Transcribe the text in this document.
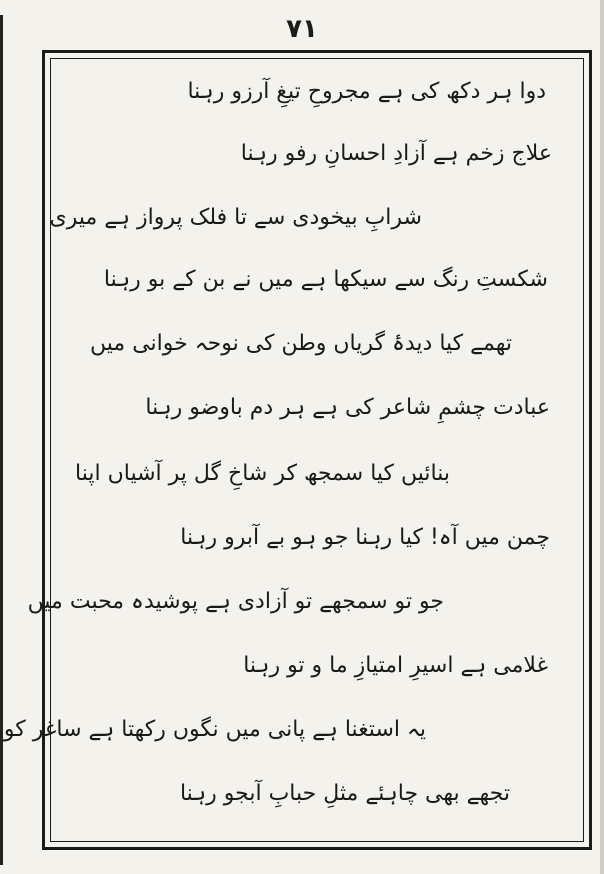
۷۱
دوا ہر دکھ کی ہے مجروحِ تیغِ آرزو رہنا
علاج زخم ہے آزادِ احسانِ رفو رہنا
شرابِ بیخودی سے تا فلک پرواز ہے میری
شکستِ رنگ سے سیکھا ہے میں نے بن کے بو رہنا
تھمے کیا دیدۂ گریاں وطن کی نوحہ خوانی میں
عبادت چشمِ شاعر کی ہے ہر دم باوضو رہنا
بنائیں کیا سمجھ کر شاخِ گل پر آشیاں اپنا
چمن میں آہ! کیا رہنا جو ہو بے آبرو رہنا
جو تو سمجھے تو آزادی ہے پوشیدہ محبت میں
غلامی ہے اسیرِ امتیازِ ما و تو رہنا
یہ استغنا ہے پانی میں نگوں رکھتا ہے ساغر کو
تجھے بھی چاہئے مثلِ حبابِ آبجو رہنا
